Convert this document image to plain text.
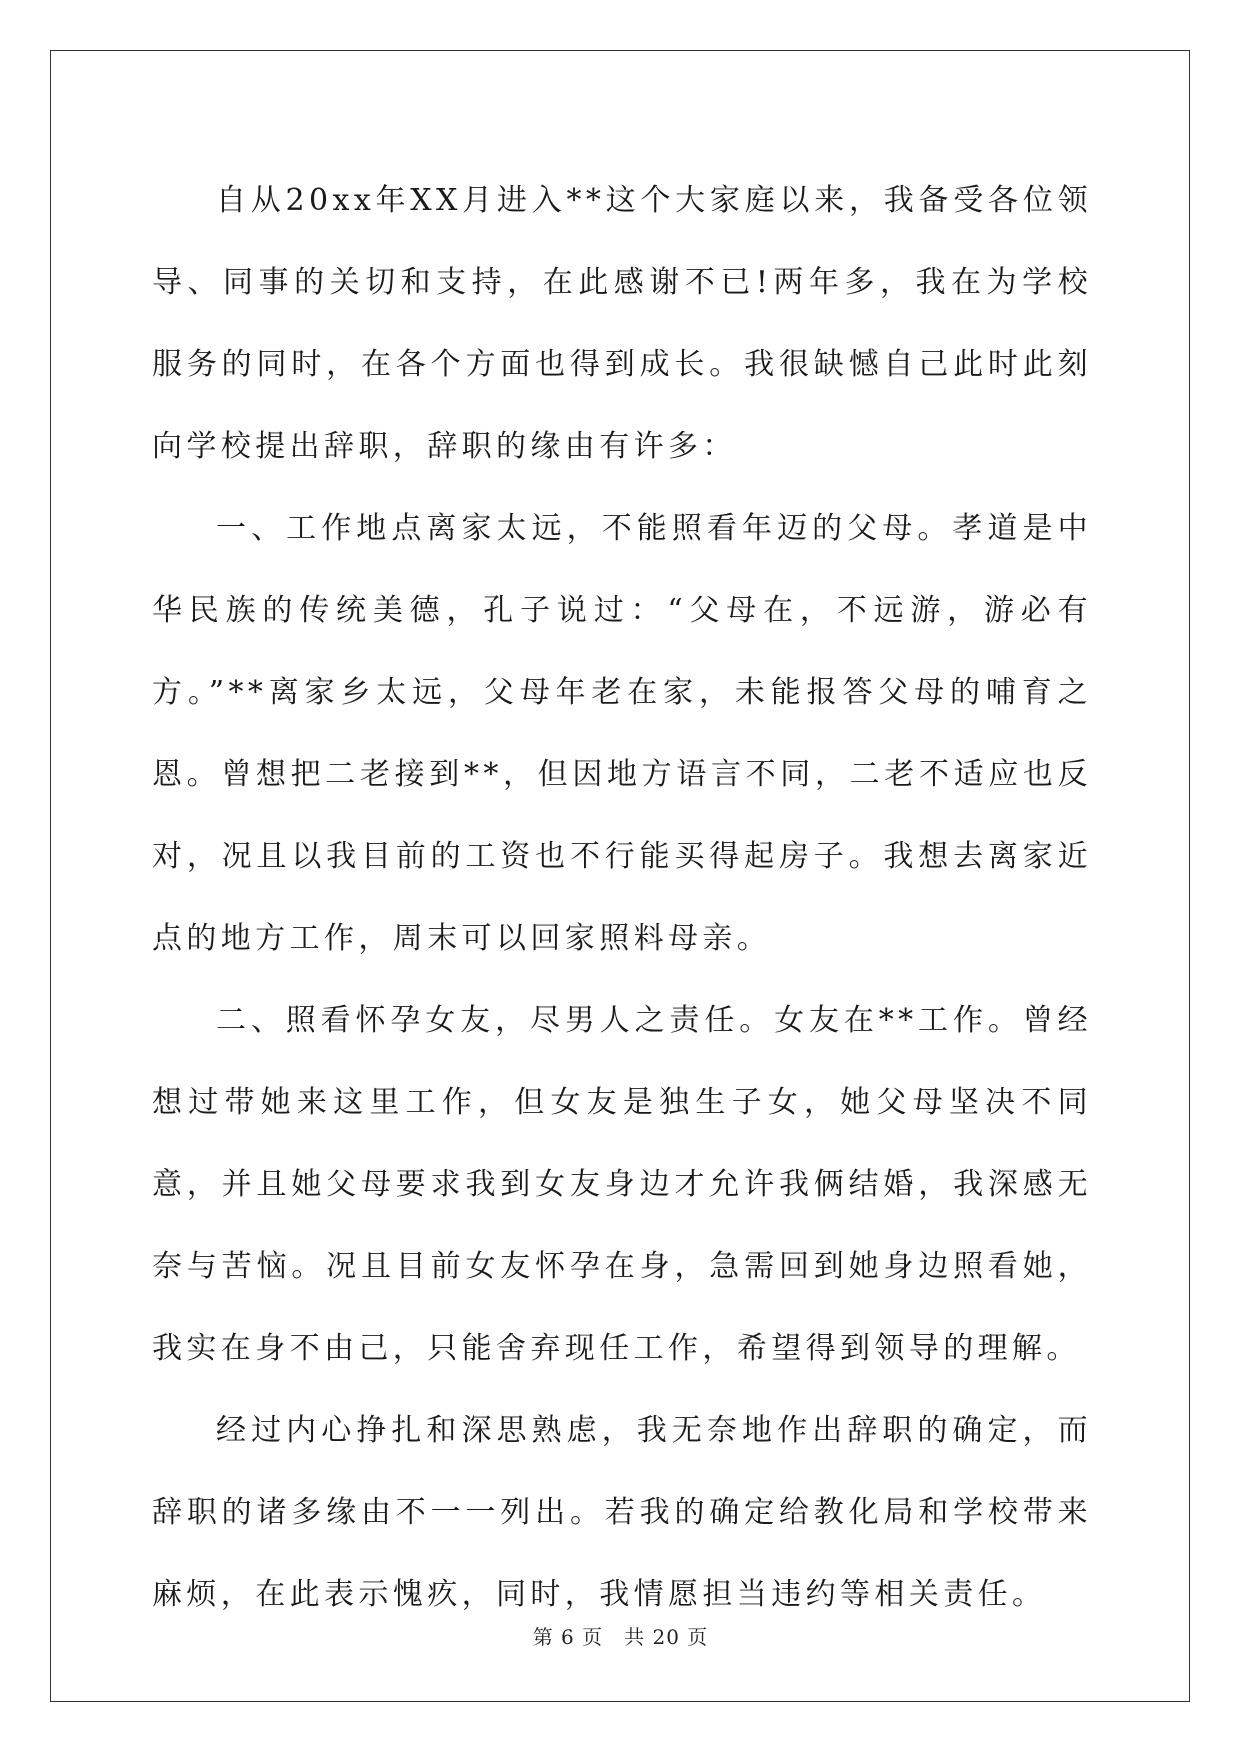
自从20xx年XX月进入**这个大家庭以来，我备受各位领导、同事的关切和支持，在此感谢不已!两年多，我在为学校服务的同时，在各个方面也得到成长。我很缺憾自己此时此刻向学校提出辞职，辞职的缘由有许多：

一、工作地点离家太远，不能照看年迈的父母。孝道是中华民族的传统美德，孔子说过：“父母在，不远游，游必有方。”**离家乡太远，父母年老在家，未能报答父母的哺育之恩。曾想把二老接到**，但因地方语言不同，二老不适应也反对，况且以我目前的工资也不行能买得起房子。我想去离家近点的地方工作，周末可以回家照料母亲。

二、照看怀孕女友，尽男人之责任。女友在**工作。曾经想过带她来这里工作，但女友是独生子女，她父母坚决不同意，并且她父母要求我到女友身边才允许我俩结婚，我深感无奈与苦恼。况且目前女友怀孕在身，急需回到她身边照看她，我实在身不由己，只能舍弃现任工作，希望得到领导的理解。

经过内心挣扎和深思熟虑，我无奈地作出辞职的确定，而辞职的诸多缘由不一一列出。若我的确定给教化局和学校带来麻烦，在此表示愧疚，同时，我情愿担当违约等相关责任。

第 6 页　共 20 页
